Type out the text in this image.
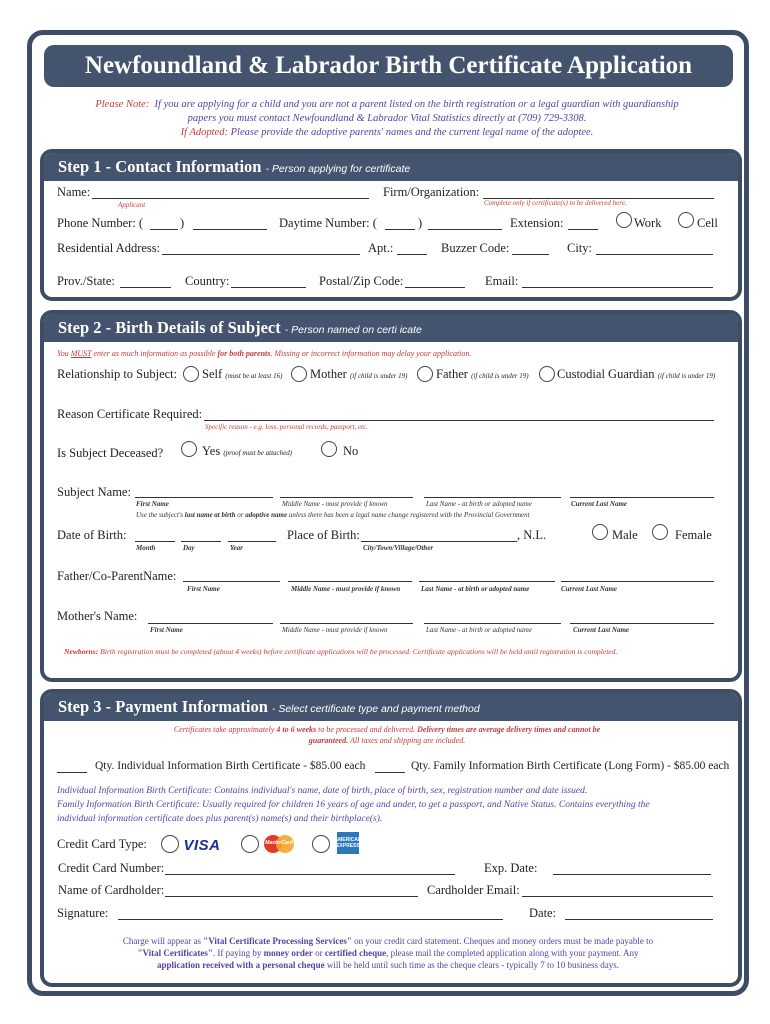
Newfoundland & Labrador Birth Certificate Application
Please Note: If you are applying for a child and you are not a parent listed on the birth registration or a legal guardian with guardianship
papers you must contact Newfoundland & Labrador Vital Statistics directly at (709) 729-3308.
If Adopted: Please provide the adoptive parents' names and the current legal name of the adoptee.
Step 1 - Contact Information - Person applying for certificate
Name:
Applicant
Firm/Organization:
Complete only if certificate(s) to be delivered here.
Phone Number: (	)	Daytime Number: (	)	Extension:	Work	Cell
Residential Address:	Apt.:	Buzzer Code:	City:
Prov./State:	Country:	Postal/Zip Code:	Email:
Step 2 - Birth Details of Subject - Person named on certi icate
You MUST enter as much information as possible for both parents. Missing or incorrect information may delay your application.
Relationship to Subject: Self (must be at least 16) Mother (if child is under 19) Father (if child is under 19) Custodial Guardian (if child is under 19)
Reason Certificate Required:
Specific reason - e.g. loss, personal records, passport, etc.
Is Subject Deceased?	Yes (proof must be attached)	No
Subject Name:
First Name	Middle Name - must provide if known	Last Name - at birth or adopted name	Current Last Name
Use the subject's last name at birth or adoptive name unless there has been a legal name change registered with the Provincial Government
Date of Birth:
Month	Day	Year
Place of Birth:
City/Town/Village/Other
, N.L.	Male	Female
Father/Co-ParentName:
First Name	Middle Name - must provide if known	Last Name - at birth or adopted name	Current Last Name
Mother's Name:
First Name	Middle Name - must provide if known	Last Name - at birth or adopted name	Current Last Name
Newborns: Birth registration must be completed (about 4 weeks) before certificate applications will be processed. Certificate applications will be held until registration is completed.
Step 3 - Payment Information - Select certificate type and payment method
Certificates take approximately 4 to 6 weeks to be processed and delivered. Delivery times are average delivery times and cannot be
guaranteed. All taxes and shipping are included.
Qty. Individual Information Birth Certificate - $85.00 each	Qty. Family Information Birth Certificate (Long Form) - $85.00 each
Individual Information Birth Certificate: Contains individual's name, date of birth, place of birth, sex, registration number and date issued.
Family Information Birth Certificate: Usually required for children 16 years of age and under, to get a passport, and Native Status. Contains everything the
individual information certificate does plus parent(s) name(s) and their birthplace(s).
Credit Card Type: VISA	MasterCard	AMERICAN EXPRESS
Credit Card Number:	Exp. Date:
Name of Cardholder:	Cardholder Email:
Signature:	Date:
Charge will appear as "Vital Certificate Processing Services" on your credit card statement. Cheques and money orders must be made payable to
"Vital Certificates". If paying by money order or certified cheque, please mail the completed application along with your payment. Any
application received with a personal cheque will be held until such time as the cheque clears - typically 7 to 10 business days.
